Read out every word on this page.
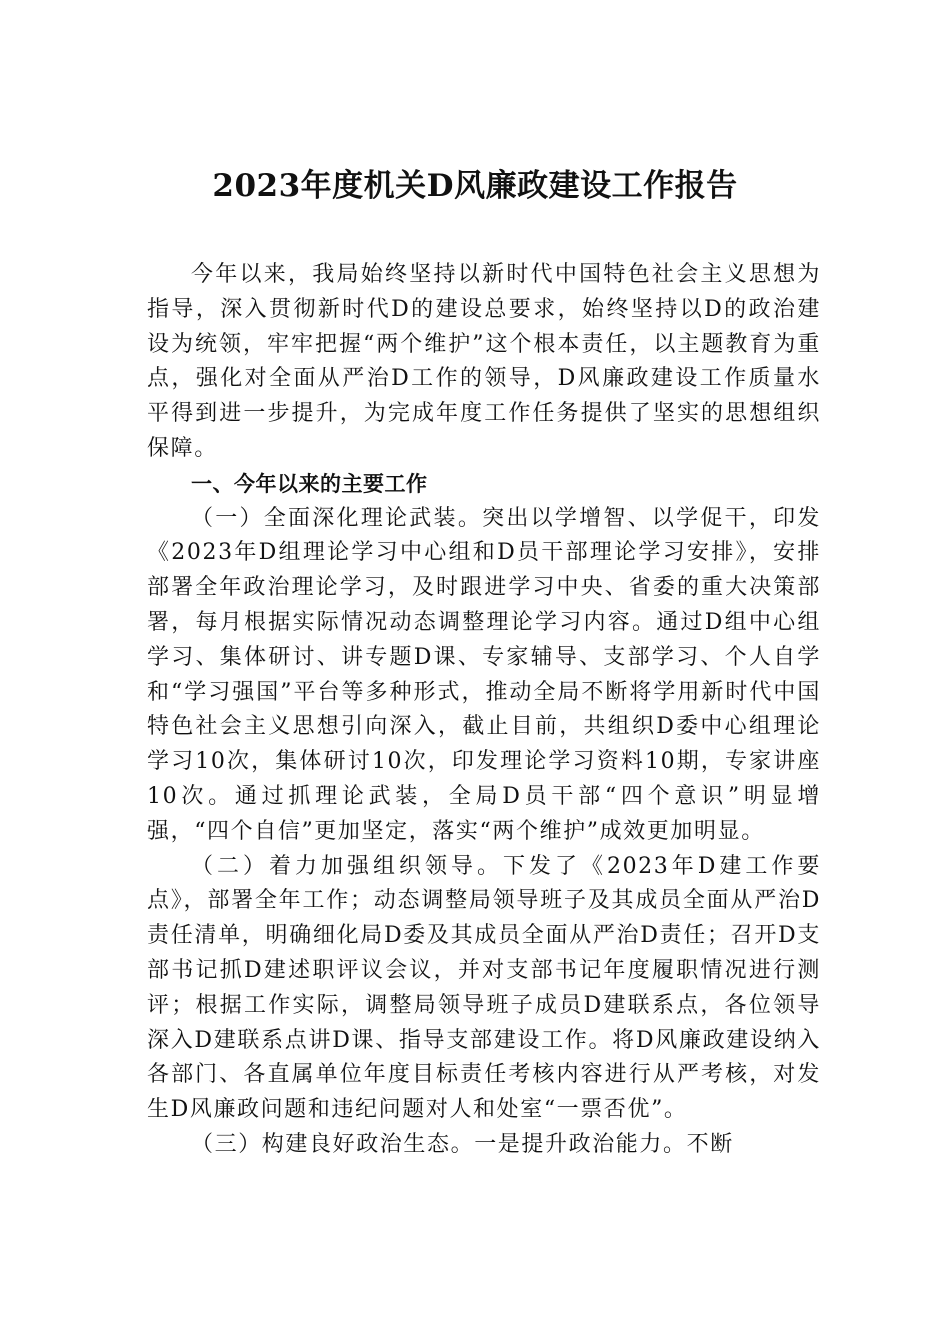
2023年度机关D风廉政建设工作报告

今年以来，我局始终坚持以新时代中国特色社会主义思想为指导，深入贯彻新时代D的建设总要求，始终坚持以D的政治建设为统领，牢牢把握“两个维护”这个根本责任，以主题教育为重点，强化对全面从严治D工作的领导，D风廉政建设工作质量水平得到进一步提升，为完成年度工作任务提供了坚实的思想组织保障。

一、今年以来的主要工作

（一）全面深化理论武装。突出以学增智、以学促干，印发《2023年D组理论学习中心组和D员干部理论学习安排》，安排部署全年政治理论学习，及时跟进学习中央、省委的重大决策部署，每月根据实际情况动态调整理论学习内容。通过D组中心组学习、集体研讨、讲专题D课、专家辅导、支部学习、个人自学和“学习强国”平台等多种形式，推动全局不断将学用新时代中国特色社会主义思想引向深入，截止目前，共组织D委中心组理论学习10次，集体研讨10次，印发理论学习资料10期，专家讲座10次。通过抓理论武装，全局D员干部“四个意识”明显增强，“四个自信”更加坚定，落实“两个维护”成效更加明显。

（二）着力加强组织领导。下发了《2023年D建工作要点》，部署全年工作；动态调整局领导班子及其成员全面从严治D责任清单，明确细化局D委及其成员全面从严治D责任；召开D支部书记抓D建述职评议会议，并对支部书记年度履职情况进行测评；根据工作实际，调整局领导班子成员D建联系点，各位领导深入D建联系点讲D课、指导支部建设工作。将D风廉政建设纳入各部门、各直属单位年度目标责任考核内容进行从严考核，对发生D风廉政问题和违纪问题对人和处室“一票否优”。

（三）构建良好政治生态。一是提升政治能力。不断
